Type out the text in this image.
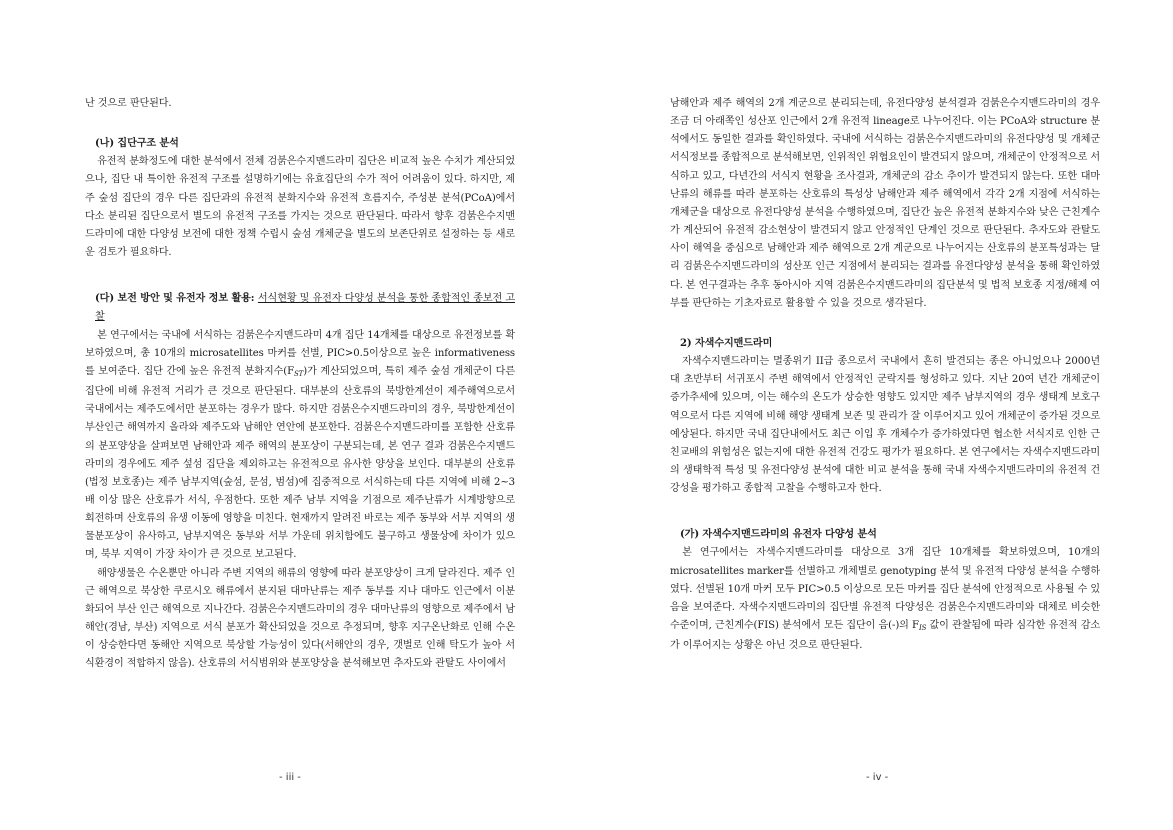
난 것으로 판단된다.

(나) 집단구조 분석

유전적 분화정도에 대한 분석에서 전체 검붉은수지맨드라미 집단은 비교적 높은 수치가 계산되었으나, 집단 내 특이한 유전적 구조를 설명하기에는 유효집단의 수가 적어 어려움이 있다. 하지만, 제주 숲섬 집단의 경우 다른 집단과의 유전적 분화지수와 유전적 흐름지수, 주성분 분석(PCoA)에서 다소 분리된 집단으로서 별도의 유전적 구조를 가지는 것으로 판단된다. 따라서 향후 검붉은수지맨드라미에 대한 다양성 보전에 대한 정책 수립시 숲섬 개체군을 별도의 보존단위로 설정하는 등 새로운 검토가 필요하다.

(다) 보전 방안 및 유전자 정보 활용: 서식현황 및 유전자 다양성 분석을 통한 종합적인 종보전 고찰

본 연구에서는 국내에 서식하는 검붉은수지맨드라미 4개 집단 14개체를 대상으로 유전정보를 확보하였으며, 총 10개의 microsatellites 마커를 선별, PIC>0.5이상으로 높은 informativeness를 보여준다. 집단 간에 높은 유전적 분화지수$(F_{ST})$가 계산되었으며, 특히 제주 숲섬 개체군이 다른 집단에 비해 유전적 거리가 큰 것으로 판단된다. 대부분의 산호류의 북방한계선이 제주해역으로서 국내에서는 제주도에서만 분포하는 경우가 많다. 하지만 검붉은수지맨드라미의 경우, 북방한계선이 부산인근 해역까지 올라와 제주도와 남해안 연안에 분포한다. 검붉은수지맨드라미를 포함한 산호류의 분포양상을 살펴보면 남해안과 제주 해역의 분포상이 구분되는데, 본 연구 결과 검붉은수지맨드라미의 경우에도 제주 섶섬 집단을 제외하고는 유전적으로 유사한 양상을 보인다. 대부분의 산호류(법정 보호종)는 제주 남부지역(숲섬, 문섬, 범섬)에 집중적으로 서식하는데 다른 지역에 비해 2~3배 이상 많은 산호류가 서식, 우점한다. 또한 제주 남부 지역을 기점으로 제주난류가 시계방향으로 회전하며 산호류의 유생 이동에 영향을 미친다. 현재까지 알려진 바로는 제주 동부와 서부 지역의 생물분포상이 유사하고, 남부지역은 동부와 서부 가운데 위치함에도 불구하고 생물상에 차이가 있으며, 북부 지역이 가장 차이가 큰 것으로 보고된다.

해양생물은 수온뿐만 아니라 주변 지역의 해류의 영향에 따라 분포양상이 크게 달라진다. 제주 인근 해역으로 북상한 쿠로시오 해류에서 분지된 대마난류는 제주 동부를 지나 대마도 인근에서 이분화되어 부산 인근 해역으로 지나간다. 검붉은수지맨드라미의 경우 대마난류의 영향으로 제주에서 남해안(경남, 부산) 지역으로 서식 분포가 확산되었을 것으로 추정되며, 향후 지구온난화로 인해 수온이 상승한다면 동해안 지역으로 북상할 가능성이 있다(서해안의 경우, 갯벌로 인해 탁도가 높아 서식환경이 적합하지 않음). 산호류의 서식범위와 분포양상을 분석해보면 추자도와 관탈도 사이에서

- iii -

남해안과 제주 해역의 2개 계군으로 분리되는데, 유전다양성 분석결과 검붉은수지맨드라미의 경우 조금 더 아래쪽인 성산포 인근에서 2개 유전적 lineage로 나누어진다. 이는 PCoA와 structure 분석에서도 동일한 결과를 확인하였다. 국내에 서식하는 검붉은수지맨드라미의 유전다양성 및 개체군 서식정보를 종합적으로 분석해보면, 인위적인 위협요인이 발견되지 않으며, 개체군이 안정적으로 서식하고 있고, 다년간의 서식지 현황을 조사결과, 개체군의 감소 추이가 발견되지 않는다. 또한 대마난류의 해류를 따라 분포하는 산호류의 특성상 남해안과 제주 해역에서 각각 2개 지점에 서식하는 개체군을 대상으로 유전다양성 분석을 수행하였으며, 집단간 높은 유전적 분화지수와 낮은 근친계수가 계산되어 유전적 감소현상이 발견되지 않고 안정적인 단계인 것으로 판단된다. 추자도와 관탈도 사이 해역을 중심으로 남해안과 제주 해역으로 2개 계군으로 나누어지는 산호류의 분포특성과는 달리 검붉은수지맨드라미의 성산포 인근 지점에서 분리되는 결과를 유전다양성 분석을 통해 확인하였다. 본 연구결과는 추후 동아시아 지역 검붉은수지맨드라미의 집단분석 및 법적 보호종 지정/해제 여부를 판단하는 기초자료로 활용할 수 있을 것으로 생각된다.

2) 자색수지맨드라미

자색수지맨드라미는 멸종위기 II급 종으로서 국내에서 흔히 발견되는 종은 아니었으나 2000년대 초반부터 서귀포시 주변 해역에서 안정적인 군락지를 형성하고 있다. 지난 20여 년간 개체군이 증가추세에 있으며, 이는 해수의 온도가 상승한 영향도 있지만 제주 남부지역의 경우 생태계 보호구역으로서 다른 지역에 비해 해양 생태계 보존 및 관리가 잘 이루어지고 있어 개체군이 증가된 것으로 예상된다. 하지만 국내 집단내에서도 최근 이입 후 개체수가 증가하였다면 협소한 서식지로 인한 근친교배의 위험성은 없는지에 대한 유전적 건강도 평가가 필요하다. 본 연구에서는 자색수지맨드라미의 생태학적 특성 및 유전다양성 분석에 대한 비교 분석을 통해 국내 자색수지맨드라미의 유전적 건강성을 평가하고 종합적 고찰을 수행하고자 한다.

(가) 자색수지맨드라미의 유전자 다양성 분석

본 연구에서는 자색수지맨드라미를 대상으로 3개 집단 10개체를 확보하였으며, 10개의 microsatellites marker를 선별하고 개체별로 genotyping 분석 및 유전적 다양성 분석을 수행하였다. 선별된 10개 마커 모두 PIC>0.5 이상으로 모든 마커를 집단 분석에 안정적으로 사용될 수 있음을 보여준다. 자색수지맨드라미의 집단별 유전적 다양성은 검붉은수지맨드라미와 대체로 비슷한 수준이며, 근친계수(FIS) 분석에서 모든 집단이 음(-)의 $F_{IS}$ 값이 관찰됨에 따라 심각한 유전적 감소가 이루어지는 상황은 아닌 것으로 판단된다.

- iv -
